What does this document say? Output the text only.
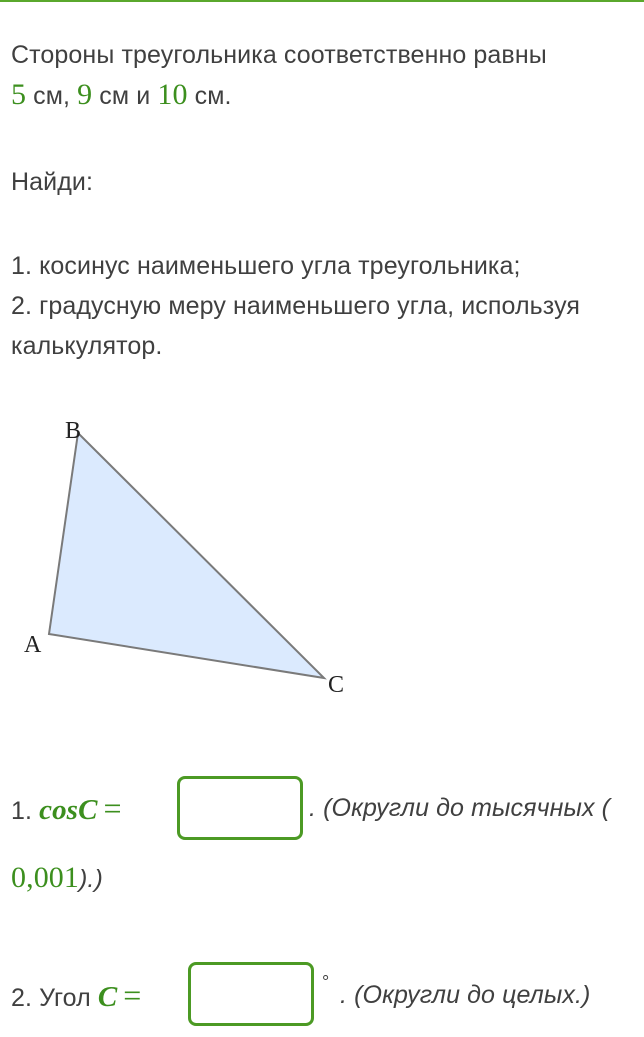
Стороны треугольника соответственно равны
5 см, 9 см и 10 см.
Найди:
1. косинус наименьшего угла треугольника;
2. градусную меру наименьшего угла, используя
калькулятор.
B
A
C
1. cosC =	. (Округли до тысячных (
0,001).)
2. Угол C =	° . (Округли до целых.)
